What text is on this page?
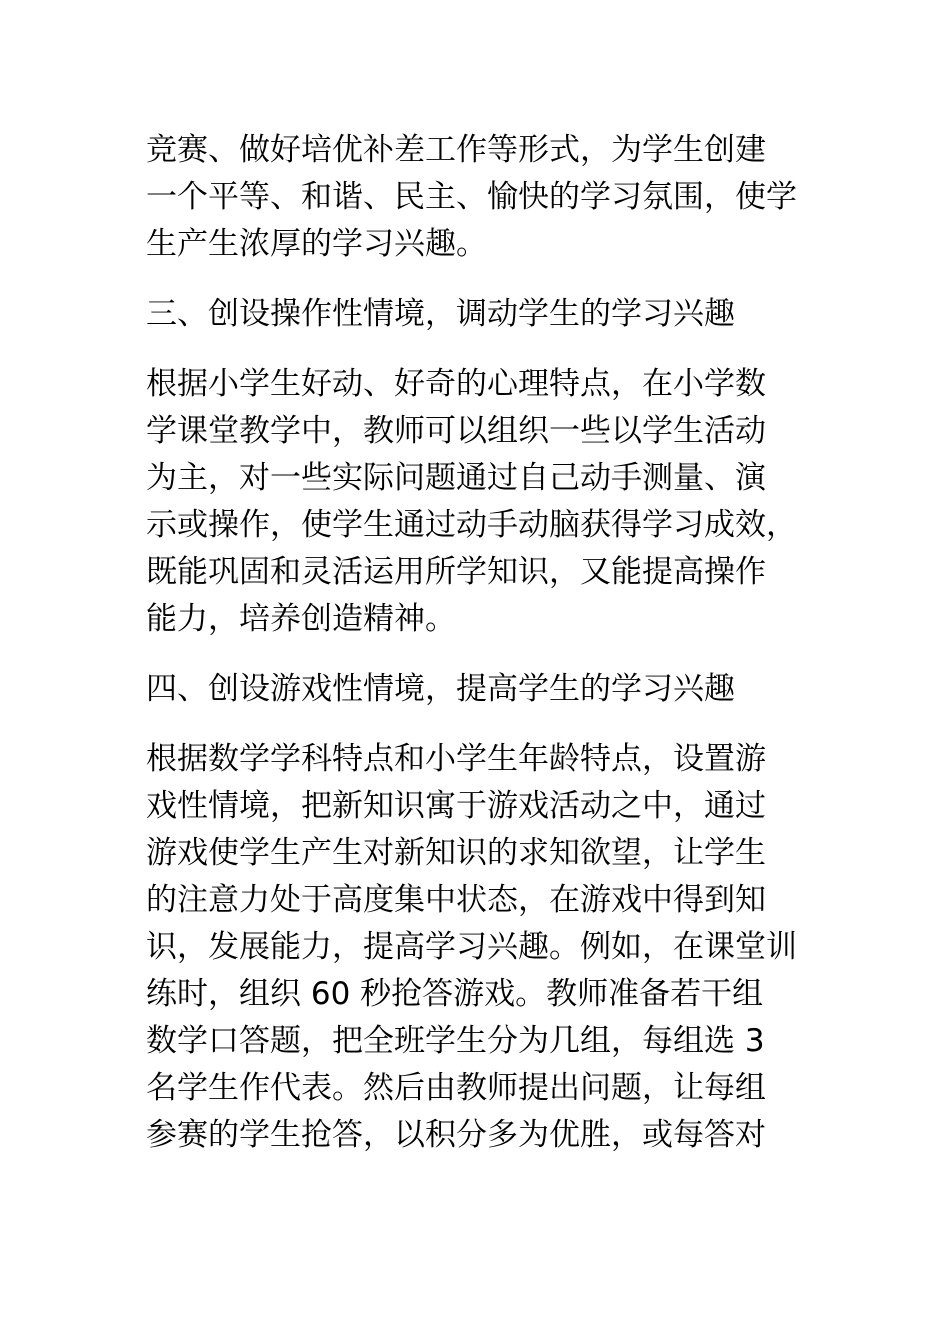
竞赛、做好培优补差工作等形式，为学生创建
一个平等、和谐、民主、愉快的学习氛围，使学
生产生浓厚的学习兴趣。
三、创设操作性情境，调动学生的学习兴趣
根据小学生好动、好奇的心理特点，在小学数
学课堂教学中，教师可以组织一些以学生活动
为主，对一些实际问题通过自己动手测量、演
示或操作，使学生通过动手动脑获得学习成效，
既能巩固和灵活运用所学知识，又能提高操作
能力，培养创造精神。
四、创设游戏性情境，提高学生的学习兴趣
根据数学学科特点和小学生年龄特点，设置游
戏性情境，把新知识寓于游戏活动之中，通过
游戏使学生产生对新知识的求知欲望，让学生
的注意力处于高度集中状态，在游戏中得到知
识，发展能力，提高学习兴趣。例如，在课堂训
练时，组织 60 秒抢答游戏。教师准备若干组
数学口答题，把全班学生分为几组，每组选 3
名学生作代表。然后由教师提出问题，让每组
参赛的学生抢答，以积分多为优胜，或每答对
